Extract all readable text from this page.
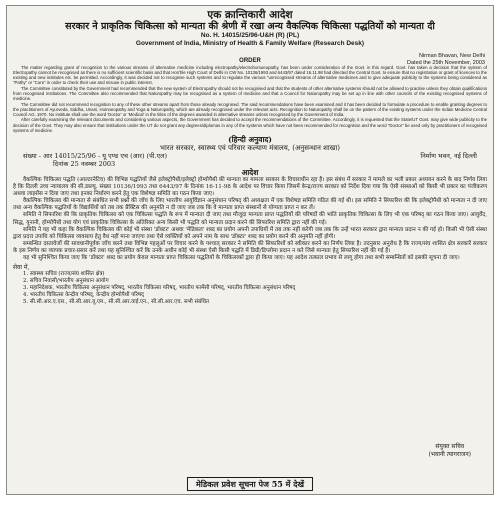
एक क्रान्तिकारी आदेश
सरकार ने प्राकृतिक चिकित्सा को मान्यता की श्रेणी में रखा अन्य वैकल्पिक चिकित्सा पद्धतियों को मान्यता दी
No. H. 14015/25/96-U&H (R) (PL)
Government of India, Ministry of Health & Family Welfare (Research Desk)
Nirman Bhavan, New Delhi
Dated the 25th November, 2003
ORDER

The matter regarding grant of recognition to the various streams of alternative medicine including electropathy/electrohomoeopathy, has been under consideration of the Govt. in this regard. Govt. has taken a decision that the system of Electropathy cannot be recognised as there is no sufficient scientific basis and that Hon'ble High Court of Delhi in CW No. 10136/1993 and 6443/97 dated 16.11.98 had directed the Central Govt. to ensure that no registration or grant of licences to the existing and new institutes etc. be permitted. Accordingly, it was decided not to recognise such systems and to regulate the various "unrecognised streams of alternative medicines and to give adequate publicity to the systems being considered as "Pathy" or "Cure" in order to check their use and misuse in public interest.

The Committee constituted by the Government had recommended that the new system of Electropathy should not be recognised and that the students of other alternative systems should not be allowed to practise unless they obtain qualifications from recognised institutions. The Committee also recommended that Naturopathy may be recognised as a system of medicine and that a Council for Naturopathy may be set up in line with other councils of the existing recognised systems of medicine.

The Committee did not recommend recognition to any of these other streams apart from those already recognised. The said recommendations have been examined and it has been decided to formulate a procedure to enable granting degrees to the practitioners of Ayurveda, Siddha, Unani, Homoeopathy and Yoga & Naturopathy, which are already recognised under the relevant acts. Recognition to Naturopathy shall be on the pattern of the existing systems under the Indian Medicine Central Council Act, 1970. No institute shall use the word 'Doctor' or 'Medical' in the titles of the degrees awarded in alternative streams unless recognised by the Government of India.

After carefully examining the relevant documents and considering various aspects, the Government has decided to accept the recommendations of the Committee. Accordingly, it is requested that the State/UT Govt. may give wide publicity to the decision of the Govt. They may also ensure that institutions under the UT do not grant any degrees/diplomas in any of the systems which have not been recommended for recognition and the word "Doctor" be used only by practitioners of recognised systems of medicine.

(हिन्दी अनुवाद)
भारत सरकार, स्वास्थ्य एवं परिवार कल्याण मंत्रालय, (अनुसन्धान शाखा)
संख्या - आर 14015/25/96 - यू एण्ड एच (आर) (पी.एल)	निर्माण भवन, नई दिल्ली
दिनांक 25 नवम्बर 2003
आदेश

वैकल्पिक चिकित्सा पद्धति (आल्टरनेटिव) की विभिन्न पद्धतियों जैसे इलेक्ट्रोपैथी/इलेक्ट्रो होम्योपैथी की मान्यता का मामला सरकार के विचाराधीन रहा है। इस संबंध में सरकार ने मामले का भली प्रकार अध्ययन करने के बाद निर्णय लिया है कि दिल्ली उच्च न्यायालय की सी.डब्ल्यू. संख्या 10136/1993 तथा 6443/97 के दिनांक 16-11-98 के आदेश पर विचार किया जिसमें केन्द्र/राज्य सरकार को निर्देश दिया गया कि ऐसी संस्थाओं को किसी भी प्रकार का पंजीकरण अथवा लाइसेंस न दिया जाए तथा इनका निर्धारण करने हेतु एक विशेषज्ञ समिति का गठन किया जाए।

वैकल्पिक चिकित्सा की मान्यता से संबंधित सभी प्रश्नों की जाँच के लिए भारतीय आयुर्विज्ञान अनुसंधान परिषद् की अध्यक्षता में एक विशेषज्ञ समिति गठित की गई थी। इस समिति ने सिफारिश की कि इलेक्ट्रोपैथी को मान्यता न दी जाए तथा अन्य वैकल्पिक पद्धतियों के विद्यार्थियों को तब तक प्रैक्टिस की अनुमति न दी जाए जब तक कि वे मान्यता प्राप्त संस्थानों से योग्यता प्राप्त न कर लें।

समिति ने सिफारिश की कि प्राकृतिक चिकित्सा को एक चिकित्सा पद्धति के रूप में मान्यता दी जाए तथा मौजूदा मान्यता प्राप्त पद्धतियों की परिषदों की भांति प्राकृतिक चिकित्सा के लिए भी एक परिषद् का गठन किया जाए। आयुर्वेद, सिद्ध, यूनानी, होम्योपैथी तथा योग एवं प्राकृतिक चिकित्सा के अतिरिक्त अन्य किसी भी पद्धति को मान्यता प्रदान करने की सिफारिश समिति द्वारा नहीं की गई।

समिति ने यह भी कहा कि वैकल्पिक चिकित्सा की कोई भी संस्था 'डॉक्टर' अथवा 'मेडिकल' शब्द का प्रयोग अपनी उपाधियों में तब तक नहीं करेगी जब तक कि उन्हें भारत सरकार द्वारा मान्यता प्रदान न की गई हो। किसी भी ऐसी संस्था द्वारा प्रदत्त उपाधि को चिकित्सा व्यवसाय हेतु वैध नहीं माना जाएगा तथा ऐसे व्यक्तियों को अपने नाम के साथ 'डॉक्टर' शब्द का प्रयोग करने की अनुमति नहीं होगी।

सम्बन्धित दस्तावेजों की सावधानीपूर्वक जाँच करने तथा विभिन्न पहलुओं पर विचार करने के पश्चात् सरकार ने समिति की सिफारिशों को स्वीकार करने का निर्णय लिया है। तदनुसार अनुरोध है कि राज्य/संघ शासित क्षेत्र सरकारें सरकार के इस निर्णय का व्यापक प्रचार-प्रसार करें तथा यह सुनिश्चित करें कि उनके अधीन कोई भी संस्था ऐसी किसी पद्धति में डिग्री/डिप्लोमा प्रदान न करे जिसे मान्यता हेतु सिफारिश नहीं की गई है।

यह भी सुनिश्चित किया जाए कि 'डॉक्टर' शब्द का प्रयोग केवल मान्यता प्राप्त चिकित्सा पद्धतियों के चिकित्सकों द्वारा ही किया जाए। यह आदेश तत्काल प्रभाव से लागू होगा तथा सभी सम्बन्धितों को इसकी सूचना दी जाए।

संयुक्त सचिव
(भवानी त्यागराजन)
सेवा में,
1. स्वास्थ्य सचिव (राज्य/संघ शासित क्षेत्र)
2. सचिव निवासी/भारतीय अनुसंधान आयोग
3. महानिदेशक, भारतीय चिकित्सा अनुसंधान परिषद्, भारतीय चिकित्सा परिषद्, भारतीय फार्मेसी परिषद्, भारतीय चिकित्सा अनुसंधान परिषद्
4. भारतीय चिकित्सा केन्द्रीय परिषद्, केन्द्रीय होम्योपैथी परिषद्
5. सी.सी.आर.ए.एस., सी.सी.आर.यू.एम., सी.सी.आर.वाई.एन., सी.सी.आर.एच. सभी संबंधित
मेडिकल प्रवेश सूचना पेज 55 में देखें
